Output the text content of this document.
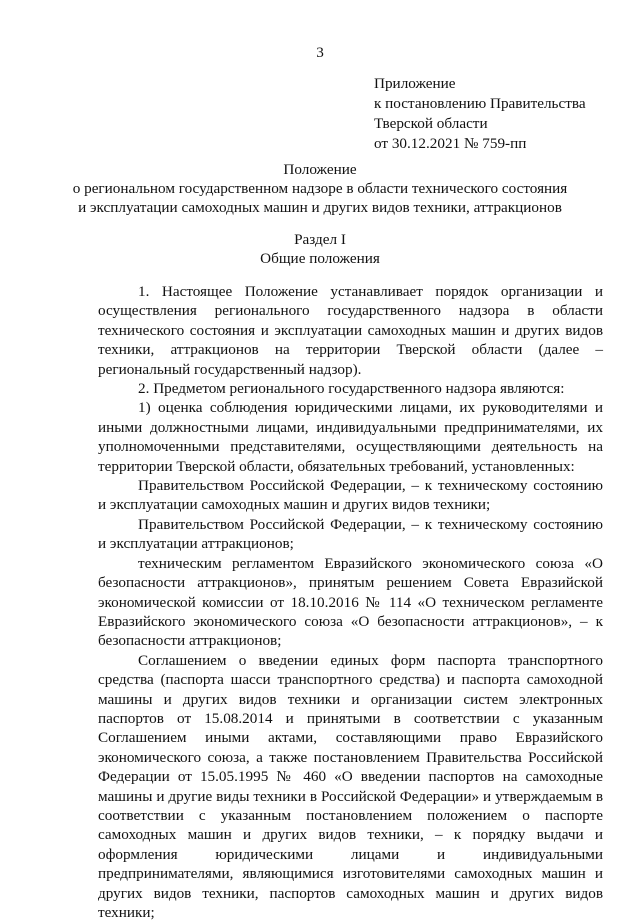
3
Приложение
к постановлению Правительства
Тверской области
от 30.12.2021 № 759-пп
Положение
о региональном государственном надзоре в области технического состояния
и эксплуатации самоходных машин и других видов техники, аттракционов
Раздел I
Общие положения

1. Настоящее Положение устанавливает порядок организации и осуществления регионального государственного надзора в области технического состояния и эксплуатации самоходных машин и других видов техники, аттракционов на территории Тверской области (далее – региональный государственный надзор).

2. Предметом регионального государственного надзора являются:

1) оценка соблюдения юридическими лицами, их руководителями и иными должностными лицами, индивидуальными предпринимателями, их уполномоченными представителями, осуществляющими деятельность на территории Тверской области, обязательных требований, установленных:

Правительством Российской Федерации, – к техническому состоянию и эксплуатации самоходных машин и других видов техники;

Правительством Российской Федерации, – к техническому состоянию и эксплуатации аттракционов;

техническим регламентом Евразийского экономического союза «О безопасности аттракционов», принятым решением Совета Евразийской экономической комиссии от 18.10.2016 № 114 «О техническом регламенте Евразийского экономического союза «О безопасности аттракционов», – к безопасности аттракционов;

Соглашением о введении единых форм паспорта транспортного средства (паспорта шасси транспортного средства) и паспорта самоходной машины и других видов техники и организации систем электронных паспортов от 15.08.2014 и принятыми в соответствии с указанным Соглашением иными актами, составляющими право Евразийского экономического союза, а также постановлением Правительства Российской Федерации от 15.05.1995 № 460 «О введении паспортов на самоходные машины и другие виды техники в Российской Федерации» и утверждаемым в соответствии с указанным постановлением положением о паспорте самоходных машин и других видов техники, – к порядку выдачи и оформления юридическими лицами и индивидуальными предпринимателями, являющимися изготовителями самоходных машин и других видов техники, паспортов самоходных машин и других видов техники;
